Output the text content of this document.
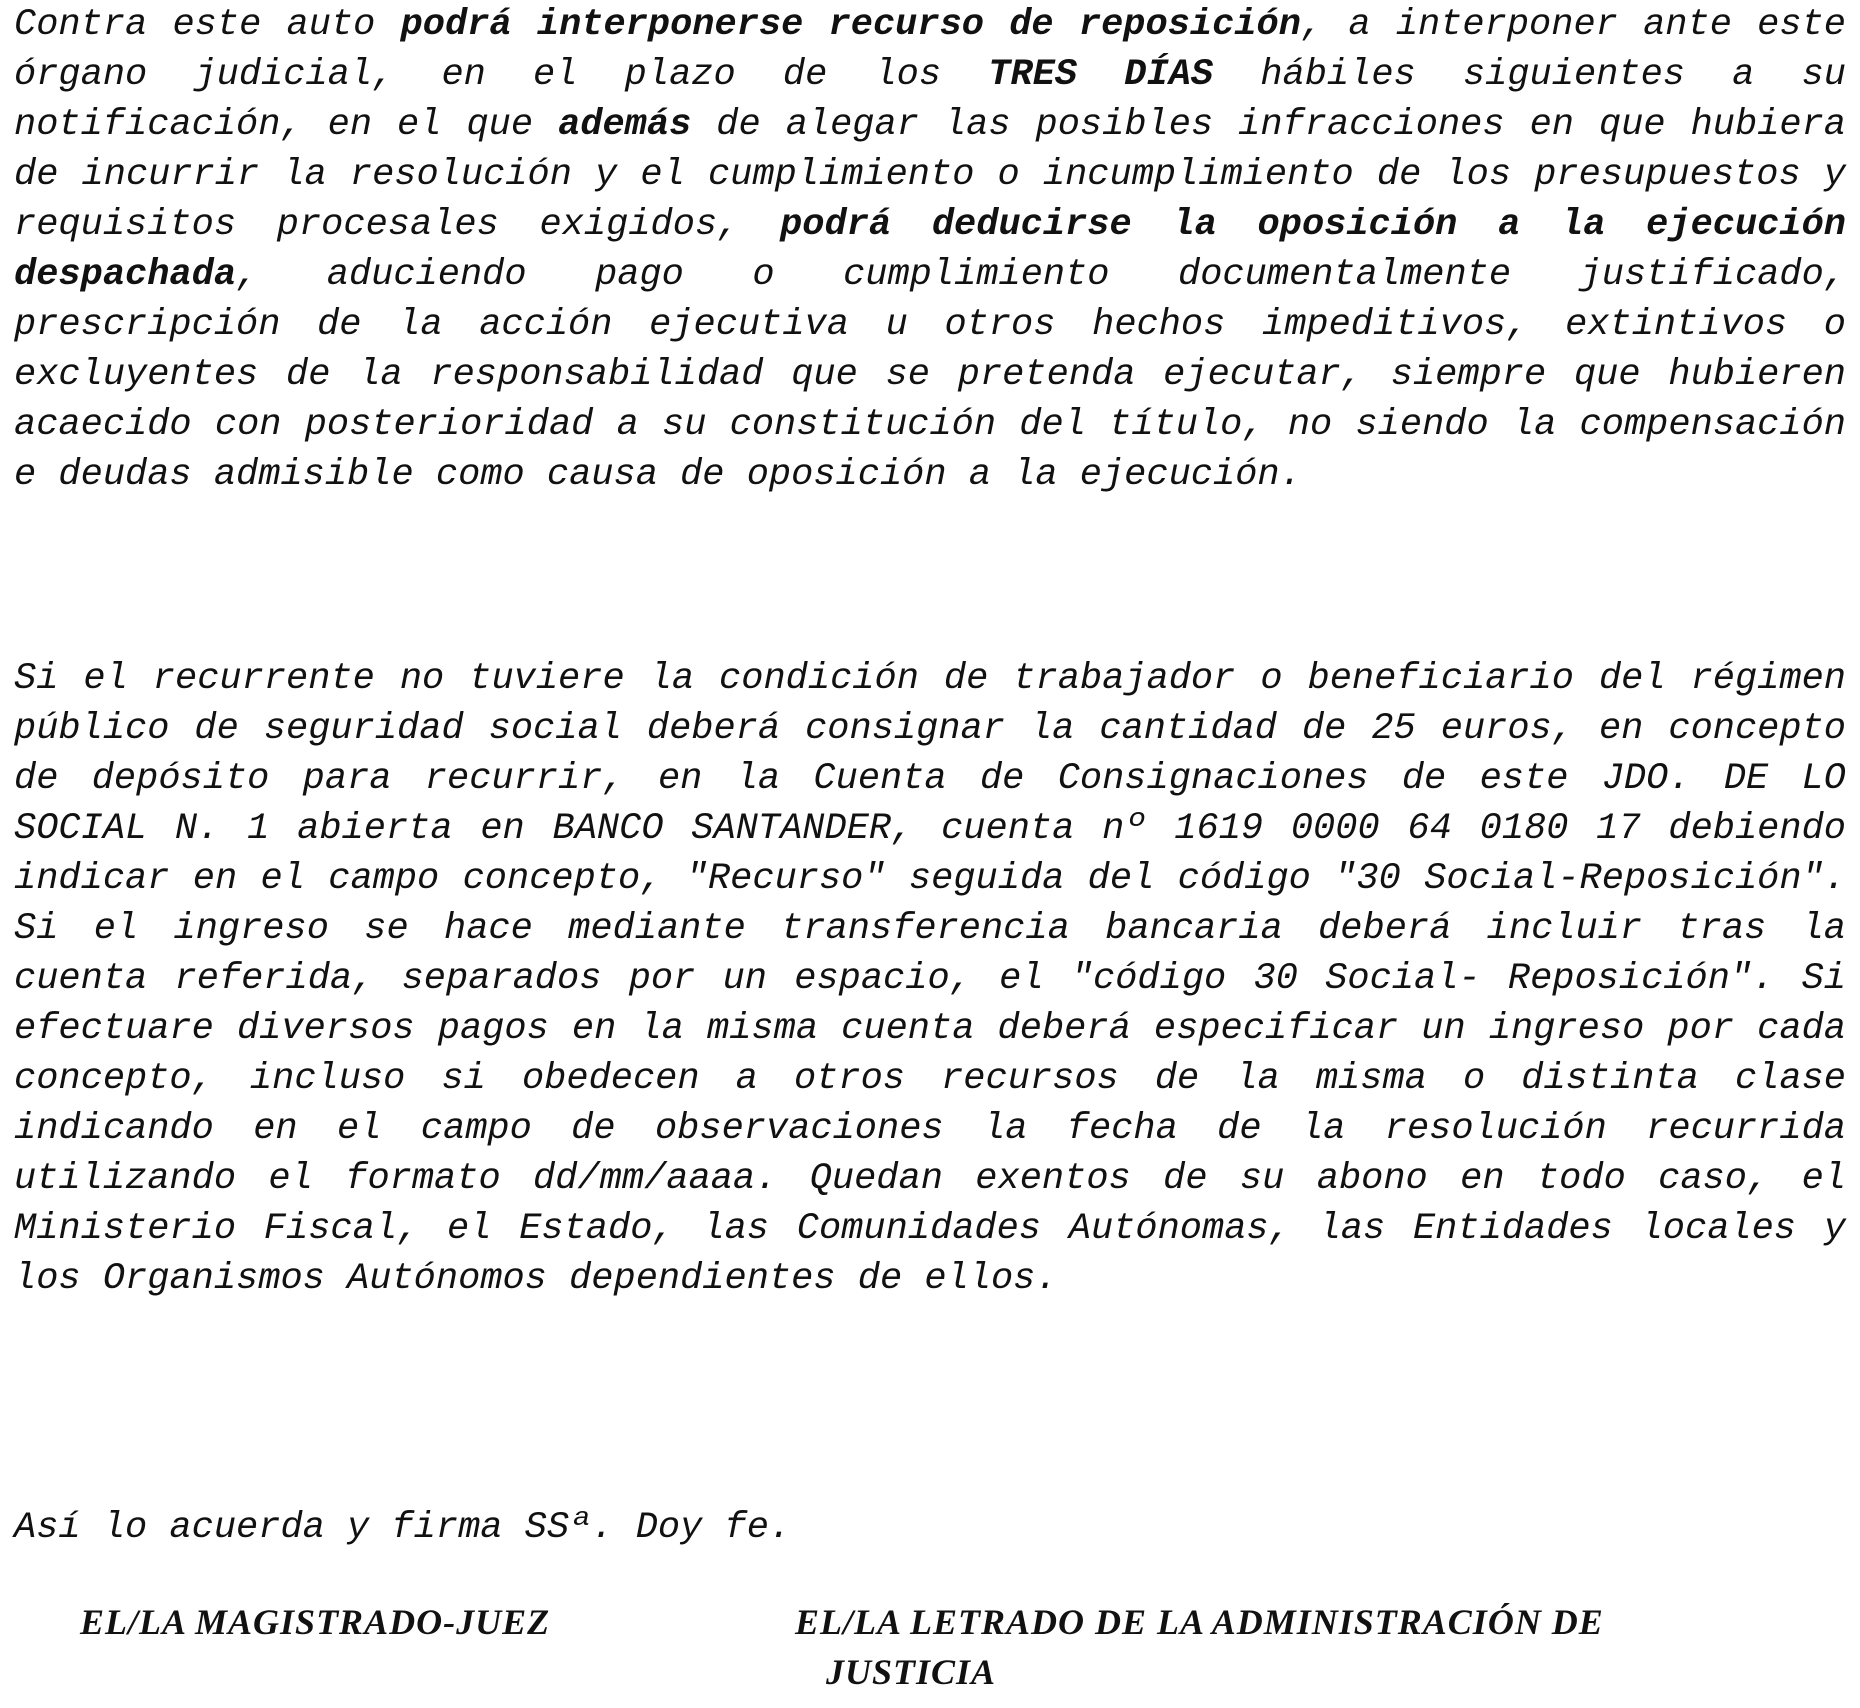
Contra este auto podrá interponerse recurso de reposición, a interponer ante este órgano judicial, en el plazo de los TRES DÍAS hábiles siguientes a su notificación, en el que además de alegar las posibles infracciones en que hubiera de incurrir la resolución y el cumplimiento o incumplimiento de los presupuestos y requisitos procesales exigidos, podrá deducirse la oposición a la ejecución despachada, aduciendo pago o cumplimiento documentalmente justificado, prescripción de la acción ejecutiva u otros hechos impeditivos, extintivos o excluyentes de la responsabilidad que se pretenda ejecutar, siempre que hubieren acaecido con posterioridad a su constitución del título, no siendo la compensación e deudas admisible como causa de oposición a la ejecución.

Si el recurrente no tuviere la condición de trabajador o beneficiario del régimen público de seguridad social deberá consignar la cantidad de 25 euros, en concepto de depósito para recurrir, en la Cuenta de Consignaciones de este JDO. DE LO SOCIAL N. 1 abierta en BANCO SANTANDER, cuenta nº 1619 0000 64 0180 17 debiendo indicar en el campo concepto, "Recurso" seguida del código "30 Social-Reposición". Si el ingreso se hace mediante transferencia bancaria deberá incluir tras la cuenta referida, separados por un espacio, el "código 30 Social- Reposición". Si efectuare diversos pagos en la misma cuenta deberá especificar un ingreso por cada concepto, incluso si obedecen a otros recursos de la misma o distinta clase indicando en el campo de observaciones la fecha de la resolución recurrida utilizando el formato dd/mm/aaaa. Quedan exentos de su abono en todo caso, el Ministerio Fiscal, el Estado, las Comunidades Autónomas, las Entidades locales y los Organismos Autónomos dependientes de ellos.

Así lo acuerda y firma SSª. Doy fe.

EL/LA MAGISTRADO-JUEZ	EL/LA LETRADO DE LA ADMINISTRACIÓN DE
JUSTICIA
